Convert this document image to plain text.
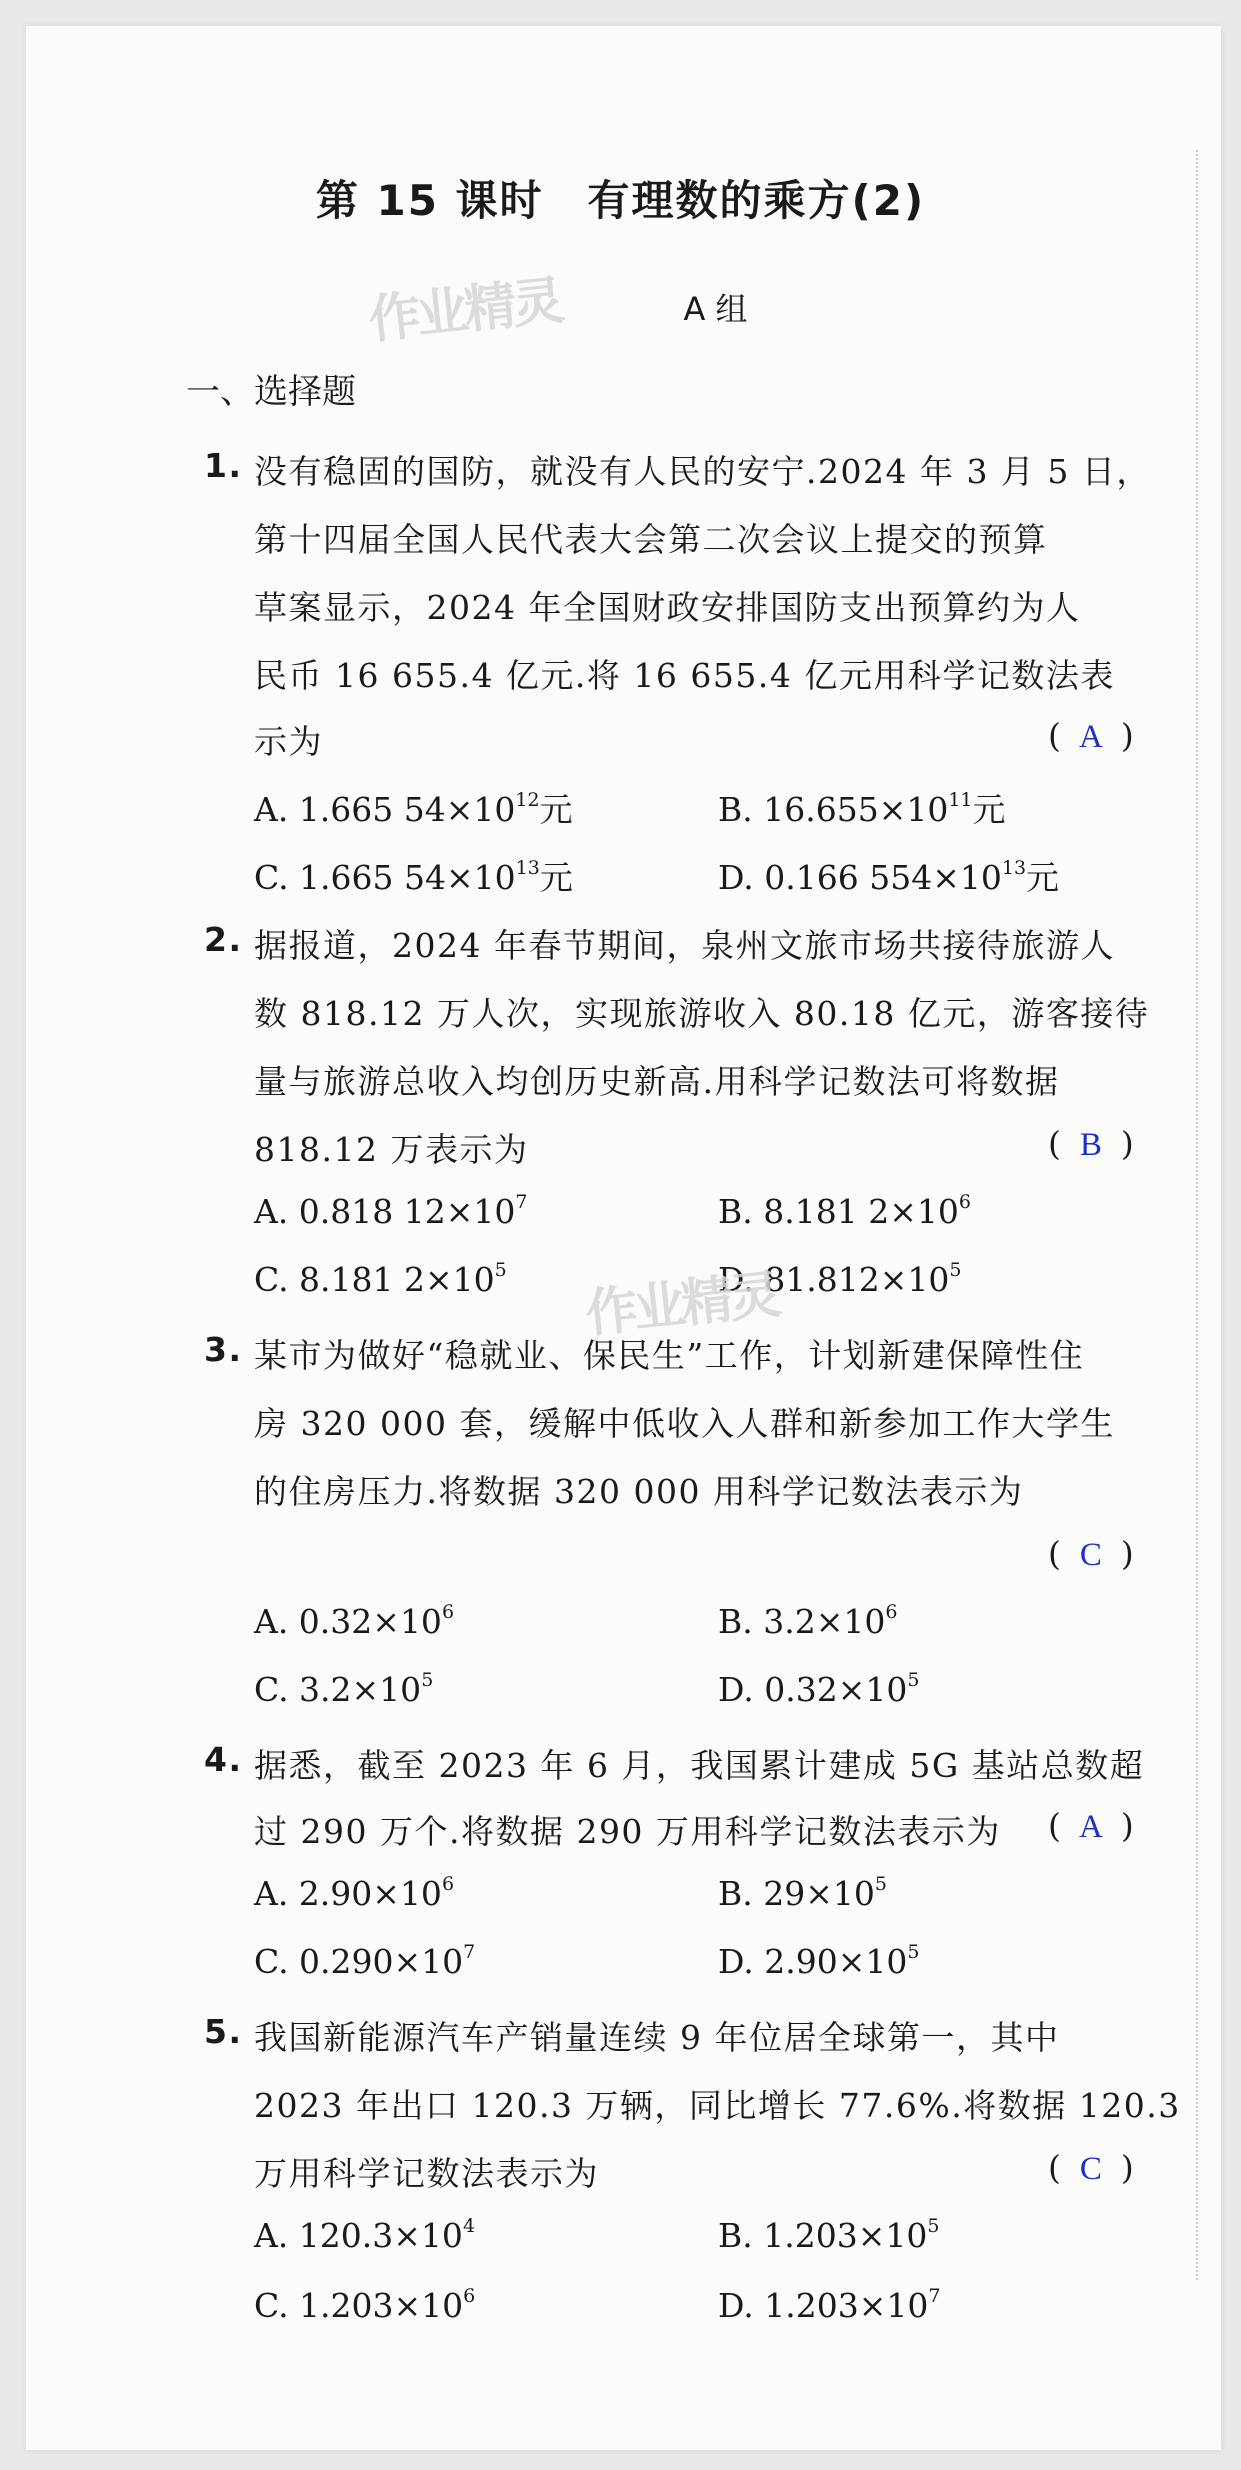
第 15 课时　有理数的乘方(2)
作业精灵	A 组
一、选择题
1. 没有稳固的国防，就没有人民的安宁.2024 年 3 月 5 日，
第十四届全国人民代表大会第二次会议上提交的预算
草案显示，2024 年全国财政安排国防支出预算约为人
民币 16 655.4 亿元.将 16 655.4 亿元用科学记数法表
示为	( A )
A. 1.665 $54\times 10^{12}$元	B. $16.655\times 10^{11}$元
C. 1.665 $54\times 10^{13}$元	D. 0.166 $554\times 10^{13}$元
2. 据报道，2024 年春节期间，泉州文旅市场共接待旅游人
数 818.12 万人次，实现旅游收入 80.18 亿元，游客接待
量与旅游总收入均创历史新高.用科学记数法可将数据
818.12 万表示为	( B )
A. 0.818 $12\times 10^7$	B. 8.181 $2\times 10^6$
C. 8.181 $2\times 10^5$	D. $81.812\times 10^5$
3. 某市为做好“稳就业、保民生”工作，计划新建保障性住
房 320 000 套，缓解中低收入人群和新参加工作大学生
的住房压力.将数据 320 000 用科学记数法表示为
( C )
A. $0.32\times 10^6$	B. $3.2\times 10^6$
C. $3.2\times 10^5$	D. $0.32\times 10^5$
4. 据悉，截至 2023 年 6 月，我国累计建成 5G 基站总数超
过 290 万个.将数据 290 万用科学记数法表示为 ( A )
A. $2.90\times 10^6$	B. $29\times 10^5$
C. $0.290\times 10^7$	D. $2.90\times 10^5$
5. 我国新能源汽车产销量连续 9 年位居全球第一，其中
2023 年出口 120.3 万辆，同比增长 77.6%.将数据 120.3
万用科学记数法表示为	( C )
A. $120.3\times 10^4$	B. $1.203\times 10^5$
C. $1.203\times 10^6$	D. $1.203\times 10^7$
作业精灵
